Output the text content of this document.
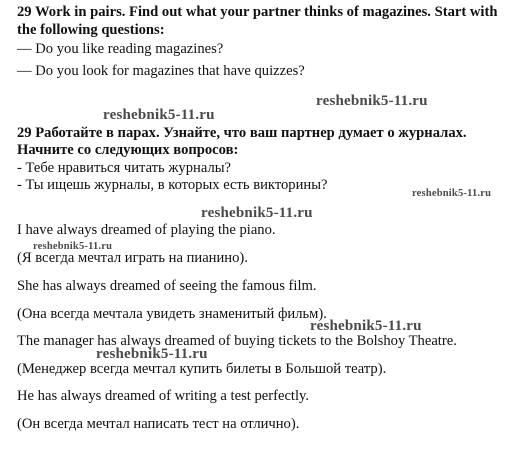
29 Work in pairs. Find out what your partner thinks of magazines. Start with
the following questions:
— Do you like reading magazines?
— Do you look for magazines that have quizzes?
29 Работайте в парах. Узнайте, что ваш партнер думает о журналах.
Начните со следующих вопросов:
- Тебе нравиться читать журналы?
- Ты ищешь журналы, в которых есть викторины?
I have always dreamed of playing the piano.
(Я всегда мечтал играть на пианино).
She has always dreamed of seeing the famous film.
(Она всегда мечтала увидеть знаменитый фильм).
The manager has always dreamed of buying tickets to the Bolshoy Theatre.
(Менеджер всегда мечтал купить билеты в Большой театр).
He has always dreamed of writing a test perfectly.
(Он всегда мечтал написать тест на отлично).
reshebnik5-11.ru
reshebnik5-11.ru
reshebnik5-11.ru
reshebnik5-11.ru
reshebnik5-11.ru
reshebnik5-11.ru
reshebnik5-11.ru
